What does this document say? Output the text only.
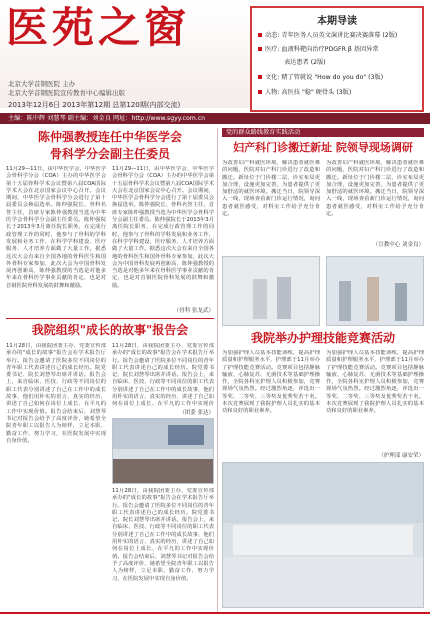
医苑之窗
北京大学首钢医院 主办
北京大学首钢医院宣传教育中心编辑出版
2013年12月6日 2013年第12期 总第120期(内部交流)
本期导读
动态: 青年医务人员英文演讲比赛决赛落幕 (2版)
医疗: 血液科靶向治疗PDGFR β 基因异常
表达患者 (2版)
文化: 赌了管就说 "How do you do" (3版)
人物: 高医技 "稳" 硬骨头 (3版)
主编：陈中辉 刘慧琴 副主编：刘金良 网址：http://www.sgyy.com.cn
陈仲强教授连任中华医学会
骨科学分会副主任委员
11月29—11日，由中华医学会、中华医学会骨科学分会（COA）主办的中华医学会第十五届骨科学术会议暨第八届COA国际学术大会在北京国家会议中心召开。会议期间，中华医学会骨科学分会进行了第十届委员会换届选举。陈仲强院长、骨科名誉主任，首席专家陈仲强教授当选为中华医学会骨科学分会副主任委员。陈仲强院长于2013年3月离任院长职务，在完成行政管理工作的同时，他参与了骨科的学科发展和业务工作，在科学学科建设、医疗服务、人才培养方面做了大量工作。据悉这次大会有来自全国各地的骨科医生和国外骨科专家参加，此次大会为中国骨科发展再创新高，陈仲强教授的当选是对他多年来在骨科医学事业贡献的肯定，也是对首钢医院骨科发展的鼓舞和激励。
11月29—11日，由中华医学会、中华医学会骨科学分会（COA）主办的中华医学会第十五届骨科学术会议暨第八届COA国际学术大会在北京国家会议中心召开。会议期间，中华医学会骨科学分会进行了第十届委员会换届选举。陈仲强院长、骨科名誉主任，首席专家陈仲强教授当选为中华医学会骨科学分会副主任委员。陈仲强院长于2013年3月离任院长职务，在完成行政管理工作的同时，他参与了骨科的学科发展和业务工作，在科学学科建设、医疗服务、人才培养方面做了大量工作。据悉这次大会有来自全国各地的骨科医生和国外骨科专家参加，此次大会为中国骨科发展再创新高，陈仲强教授的当选是对他多年来在骨科医学事业贡献的肯定，也是对首钢医院骨科发展的鼓舞和激励。
（骨科 张龙武）
我院组织"成长的故事"报告会
11月28日，由我院团委主办、党委宣传部承办的"成长的故事"报告会在学术报告厅举行。报告会邀请了医院多位不同岗位的青年职工代表讲述自己的成长经历。院党委书记、院长刘慧琴出席并讲话。报告会上，来自临床、医技、行政等不同岗位的职工代表分别讲述了自己在工作中的成长故事，他们用朴实的语言、真实的经历，讲述了自己如何在岗位上成长、在平凡的工作中实现价值。报告会结束后，刘慧琴书记对报告会给予了高度评价，她希望全院青年职工以报告人为榜样，立足本职、勤奋工作、努力学习，在医院发展中实现自身价值。
11月28日，由我院团委主办、党委宣传部承办的"成长的故事"报告会在学术报告厅举行。报告会邀请了医院多位不同岗位的青年职工代表讲述自己的成长经历。院党委书记、院长刘慧琴出席并讲话。报告会上，来自临床、医技、行政等不同岗位的职工代表分别讲述了自己在工作中的成长故事，他们用朴实的语言、真实的经历，讲述了自己如何在岗位上成长、在平凡的工作中实现价
（团委 张达）
11月28日，由我院团委主办、党委宣传部承办的"成长的故事"报告会在学术报告厅举行。报告会邀请了医院多位不同岗位的青年职工代表讲述自己的成长经历。院党委书记、院长刘慧琴出席并讲话。报告会上，来自临床、医技、行政等不同岗位的职工代表分别讲述了自己在工作中的成长故事，他们用朴实的语言、真实的经历，讲述了自己如何在岗位上成长、在平凡的工作中实现价值。报告会结束后，刘慧琴书记对报告会给予了高度评价，她希望全院青年职工以报告人为榜样，立足本职、勤奋工作、努力学习，在医院发展中实现自身价值。
党的群众路线教育实践活动
妇产科门诊搬迁新址 院领导现场调研
为改善妇产科就医环境，解决患者就医难的问题，医院对妇产科门诊进行了改造和搬迁。新址位于门诊楼二层，诊室布局更加合理，设施更加完善，为患者提供了更加舒适的就医环境。搬迁当日，院领导深入一线，现场查看新门诊运行情况，询问患者就医感受，对科室工作给予充分肯定。
为改善妇产科就医环境，解决患者就医难的问题，医院对妇产科门诊进行了改造和搬迁。新址位于门诊楼二层，诊室布局更加合理，设施更加完善，为患者提供了更加舒适的就医环境。搬迁当日，院领导深入一线，现场查看新门诊运行情况，询问患者就医感受，对科室工作给予充分肯定。
（宣教中心 刘金良）
我院举办护理技能竞赛活动
为加强护理人员基本技能训练，提高护理质量和护理服务水平，护理部于11月举办了护理技能竞赛活动。竞赛项目包括静脉输液、心肺复苏、无菌技术等基础护理操作，全院各科室护理人员积极参加，竞赛现场气氛热烈。经过激烈角逐，评选出一等奖、二等奖、三等奖及优秀奖若干名。本次竞赛展现了我院护理人员扎实的基本功和良好的职业素养。
为加强护理人员基本技能训练，提高护理质量和护理服务水平，护理部于11月举办了护理技能竞赛活动。竞赛项目包括静脉输液、心肺复苏、无菌技术等基础护理操作，全院各科室护理人员积极参加，竞赛现场气氛热烈。经过激烈角逐，评选出一等奖、二等奖、三等奖及优秀奖若干名。本次竞赛展现了我院护理人员扎实的基本功和良好的职业素养。
（护理部 康安荣）
